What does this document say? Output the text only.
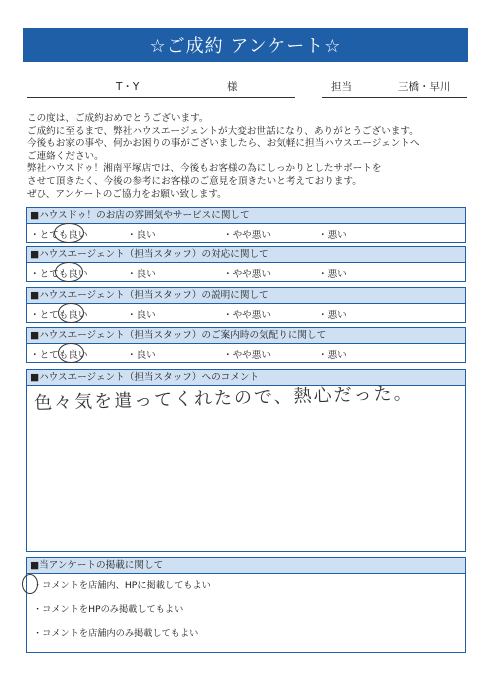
☆ご成約 アンケート☆
T・Y	様	担当	三橋・早川
この度は、ご成約おめでとうございます。
ご成約に至るまで、弊社ハウスエージェントが大変お世話になり、ありがとうございます。
今後もお家の事や、何かお困りの事がございましたら、お気軽に担当ハウスエージェントへ
ご連絡ください。
弊社ハウスドゥ！湘南平塚店では、今後もお客様の為にしっかりとしたサポートを
させて頂きたく、今後の参考にお客様のご意見を頂きたいと考えております。
ぜひ、アンケートのご協力をお願い致します。
■ハウスドゥ！のお店の雰囲気やサービスに関して
・とても良い	・良い	・やや悪い	・悪い
■ハウスエージェント（担当スタッフ）の対応に関して
・とても良い	・良い	・やや悪い	・悪い
■ハウスエージェント（担当スタッフ）の説明に関して
・とても良い	・良い	・やや悪い	・悪い
■ハウスエージェント（担当スタッフ）のご案内時の気配りに関して
・とても良い	・良い	・やや悪い	・悪い
■ハウスエージェント（担当スタッフ）へのコメント
色々気を遣ってくれたので、熱心だった。
■当アンケートの掲載に関して
・コメントを店舗内、HPに掲載してもよい
・コメントをHPのみ掲載してもよい
・コメントを店舗内のみ掲載してもよい
